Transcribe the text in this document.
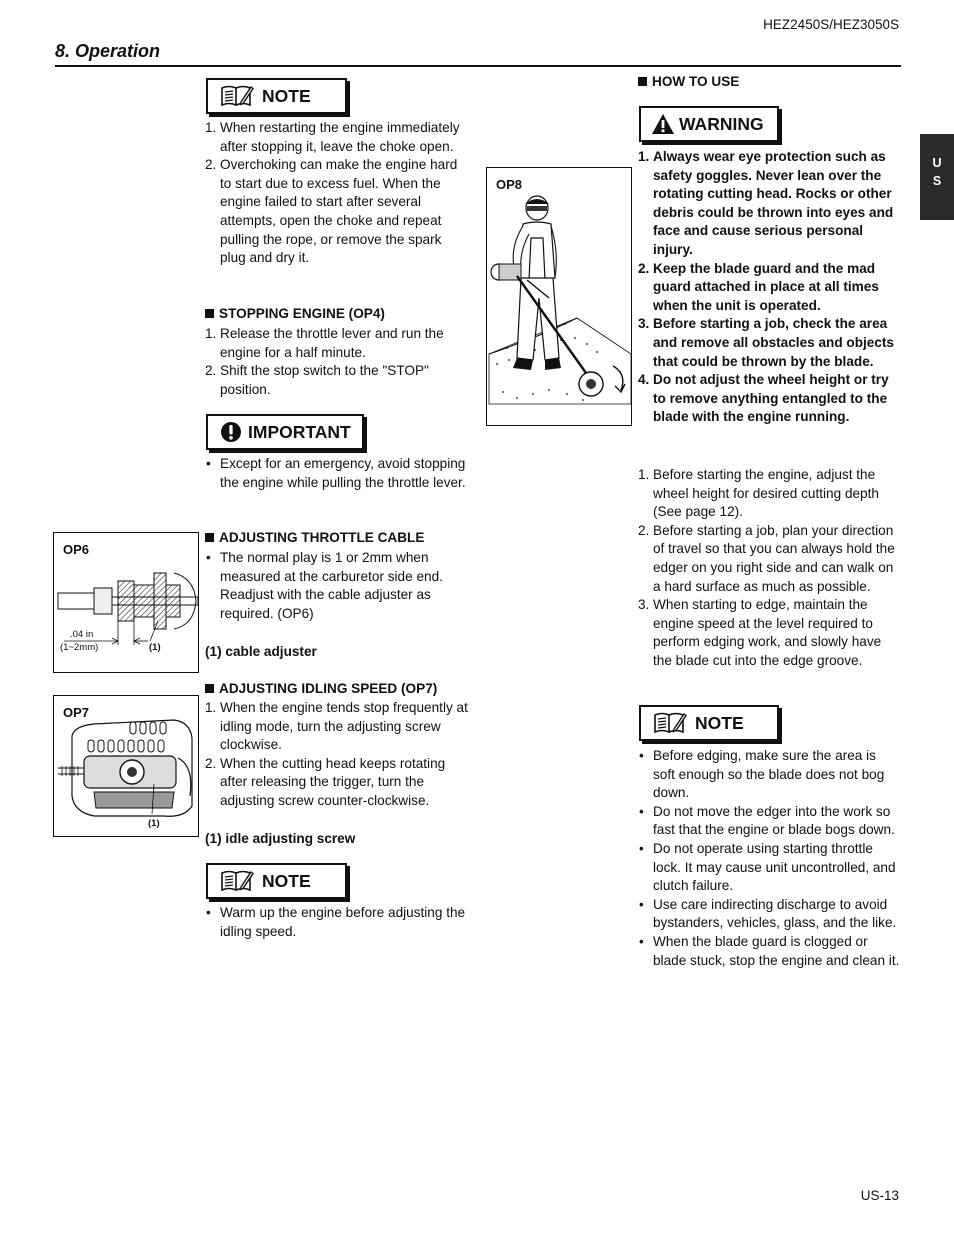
HEZ2450S/HEZ3050S
8. Operation
U
S
NOTE
1. When restarting the engine immediately after stopping it, leave the choke open.
2. Overchoking can make the engine hard to start due to excess fuel. When the engine failed to start after several attempts, open the choke and repeat pulling the rope, or remove the spark plug and dry it.
STOPPING ENGINE (OP4)
1. Release the throttle lever and run the engine for a half minute.
2. Shift the stop switch to the "STOP" position.
IMPORTANT
• Except for an emergency, avoid stopping the engine while pulling the throttle lever.
ADJUSTING THROTTLE CABLE
• The normal play is 1 or 2mm when measured at the carburetor side end. Readjust with the cable adjuster as required. (OP6)
(1) cable adjuster
ADJUSTING IDLING SPEED (OP7)
1. When the engine tends stop frequently at idling mode, turn the adjusting screw clockwise.
2. When the cutting head keeps rotating after releasing the trigger, turn the adjusting screw counter-clockwise.
(1) idle adjusting screw
NOTE
• Warm up the engine before adjusting the idling speed.
OP6
.04 in
(1~2mm)	(1)
OP7
(1)
OP8
HOW TO USE
WARNING
1. Always wear eye protection such as safety goggles. Never lean over the rotating cutting head. Rocks or other debris could be thrown into eyes and face and cause serious personal injury.
2. Keep the blade guard and the mad guard attached in place at all times when the unit is operated.
3. Before starting a job, check the area and remove all obstacles and objects that could be thrown by the blade.
4. Do not adjust the wheel height or try to remove anything entangled to the blade with the engine running.
1. Before starting the engine, adjust the wheel height for desired cutting depth (See page 12).
2. Before starting a job, plan your direction of travel so that you can always hold the edger on you right side and can walk on a hard surface as much as possible.
3. When starting to edge, maintain the engine speed at the level required to perform edging work, and slowly have the blade cut into the edge groove.
NOTE
• Before edging, make sure the area is soft enough so the blade does not bog down.
• Do not move the edger into the work so fast that the engine or blade bogs down.
• Do not operate using starting throttle lock. It may cause unit uncontrolled, and clutch failure.
• Use care indirecting discharge to avoid bystanders, vehicles, glass, and the like.
• When the blade guard is clogged or blade stuck, stop the engine and clean it.
US-13
